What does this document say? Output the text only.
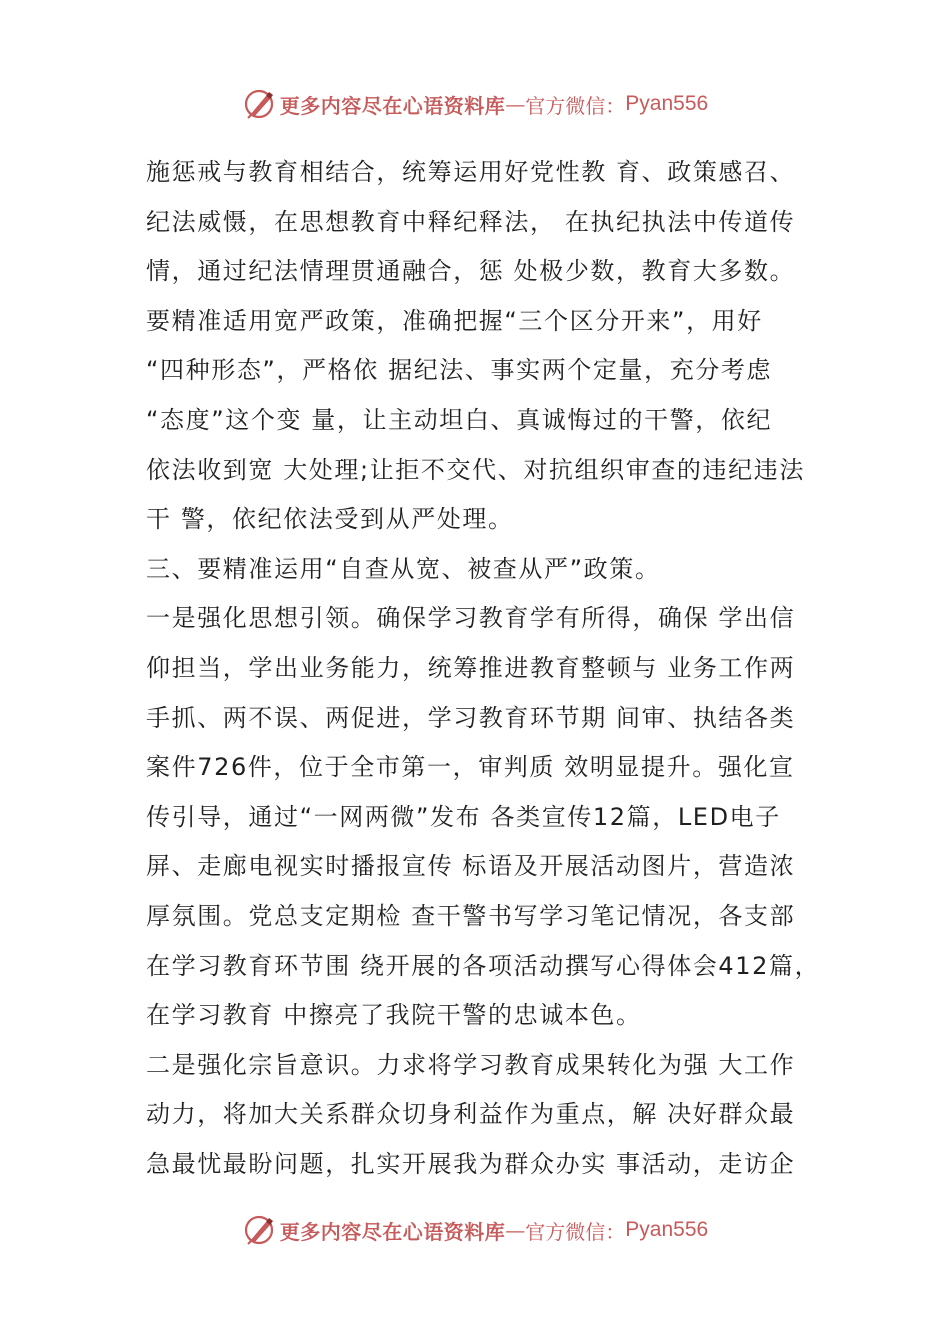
更多内容尽在心语资料库 — 官方微信： Pyan556
施惩戒与教育相结合，统筹运用好党性教 育、政策感召、
纪法威慑，在思想教育中释纪释法， 在执纪执法中传道传
情，通过纪法情理贯通融合，惩 处极少数，教育大多数。
要精准适用宽严政策，准确把握“三个区分开来”，用好
“四种形态”，严格依 据纪法、事实两个定量，充分考虑
“态度”这个变 量，让主动坦白、真诚悔过的干警，依纪
依法收到宽 大处理;让拒不交代、对抗组织审查的违纪违法
干 警，依纪依法受到从严处理。
三、要精准运用“自查从宽、被查从严”政策。
一是强化思想引领。确保学习教育学有所得，确保 学出信
仰担当，学出业务能力，统筹推进教育整顿与 业务工作两
手抓、两不误、两促进，学习教育环节期 间审、执结各类
案件726件，位于全市第一，审判质 效明显提升。强化宣
传引导，通过“一网两微”发布 各类宣传12篇，LED电子
屏、走廊电视实时播报宣传 标语及开展活动图片，营造浓
厚氛围。党总支定期检 查干警书写学习笔记情况，各支部
在学习教育环节围 绕开展的各项活动撰写心得体会412篇，
在学习教育 中擦亮了我院干警的忠诚本色。
二是强化宗旨意识。力求将学习教育成果转化为强 大工作
动力，将加大关系群众切身利益作为重点，解 决好群众最
急最忧最盼问题，扎实开展我为群众办实 事活动，走访企
更多内容尽在心语资料库 — 官方微信： Pyan556
